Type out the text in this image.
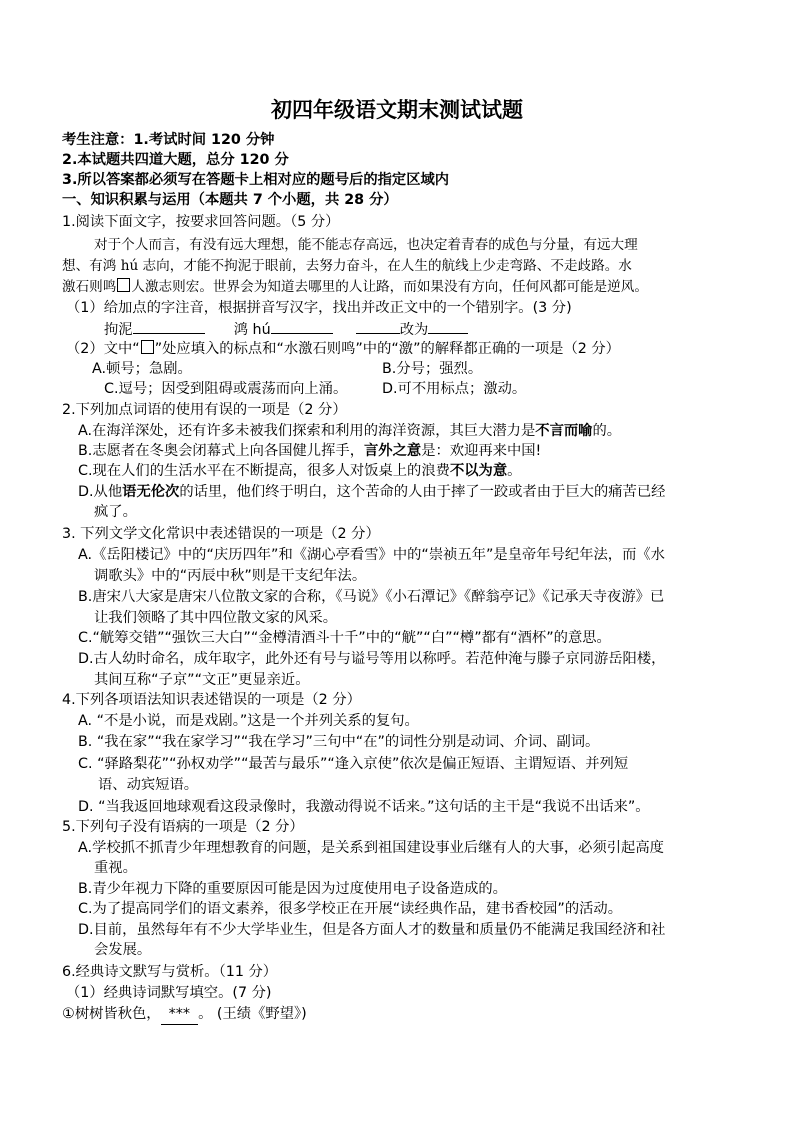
初四年级语文期末测试试题
考生注意：1.考试时间 120 分钟
2.本试题共四道大题，总分 120 分
3.所以答案都必须写在答题卡上相对应的题号后的指定区域内
一、知识积累与运用（本题共 7 个小题，共 28 分）
1.阅读下面文字，按要求回答问题。（5 分）
对于个人而言，有没有远大理想，能不能志存高远，也决定着青春的成色与分量，有远大理
想、有鸿 hú 志向，才能不拘泥于眼前，去努力奋斗，在人生的航线上少走弯路、不走歧路。水
激石则鸣 人激志则宏。世界会为知道去哪里的人让路，而如果没有方向，任何风都可能是逆风。
（1）给加点的字注音，根据拼音写汉字，找出并改正文中的一个错别字。(3 分)
拘泥	鸿 hú	改为
（2）文中“ ”处应填入的标点和“水激石则鸣”中的“激”的解释都正确的一项是（2 分）
A.顿号；急剧。	B.分号；强烈。
C.逗号；因受到阻碍或震荡而向上涌。 D.可不用标点；激动。
2.下列加点词语的使用有误的一项是（2 分）
A.在海洋深处，还有许多未被我们探索和利用的海洋资源，其巨大潜力是不言而喻的。
B.志愿者在冬奥会闭幕式上向各国健儿挥手，言外之意是：欢迎再来中国!
C.现在人们的生活水平在不断提高，很多人对饭桌上的浪费不以为意。
D.从他语无伦次的话里，他们终于明白，这个苦命的人由于摔了一跤或者由于巨大的痛苦已经
疯了。
3. 下列文学文化常识中表述错误的一项是（2 分）
A.《岳阳楼记》中的“庆历四年”和《湖心亭看雪》中的“崇祯五年”是皇帝年号纪年法，而《水
调歌头》中的“丙辰中秋”则是干支纪年法。
B.唐宋八大家是唐宋八位散文家的合称，《马说》《小石潭记》《醉翁亭记》《记承天寺夜游》已
让我们领略了其中四位散文家的风采。
C.“觥筹交错”“强饮三大白”“金樽清酒斗十千”中的“觥”“白”“樽”都有“酒杯”的意思。
D.古人幼时命名，成年取字，此外还有号与谥号等用以称呼。若范仲淹与滕子京同游岳阳楼，
其间互称“子京”“文正”更显亲近。
4.下列各项语法知识表述错误的一项是（2 分）
A. “不是小说，而是戏剧。”这是一个并列关系的复句。
B. “我在家”“我在家学习”“我在学习”三句中“在”的词性分别是动词、介词、副词。
C. “驿路梨花”“孙权劝学”“最苦与最乐”“逢入京使”依次是偏正短语、主谓短语、并列短
语、动宾短语。
D. “当我返回地球观看这段录像时，我激动得说不话来。”这句话的主干是“我说不出话来”。
5.下列句子没有语病的一项是（2 分）
A.学校抓不抓青少年理想教育的问题，是关系到祖国建设事业后继有人的大事，必须引起高度
重视。
B.青少年视力下降的重要原因可能是因为过度使用电子设备造成的。
C.为了提高同学们的语文素养，很多学校正在开展“读经典作品，建书香校园”的活动。
D.目前，虽然每年有不少大学毕业生，但是各方面人才的数量和质量仍不能满足我国经济和社
会发展。
6.经典诗文默写与赏析。（11 分）
（1）经典诗词默写填空。(7 分)
①树树皆秋色， *** 。 (王绩《野望》)
